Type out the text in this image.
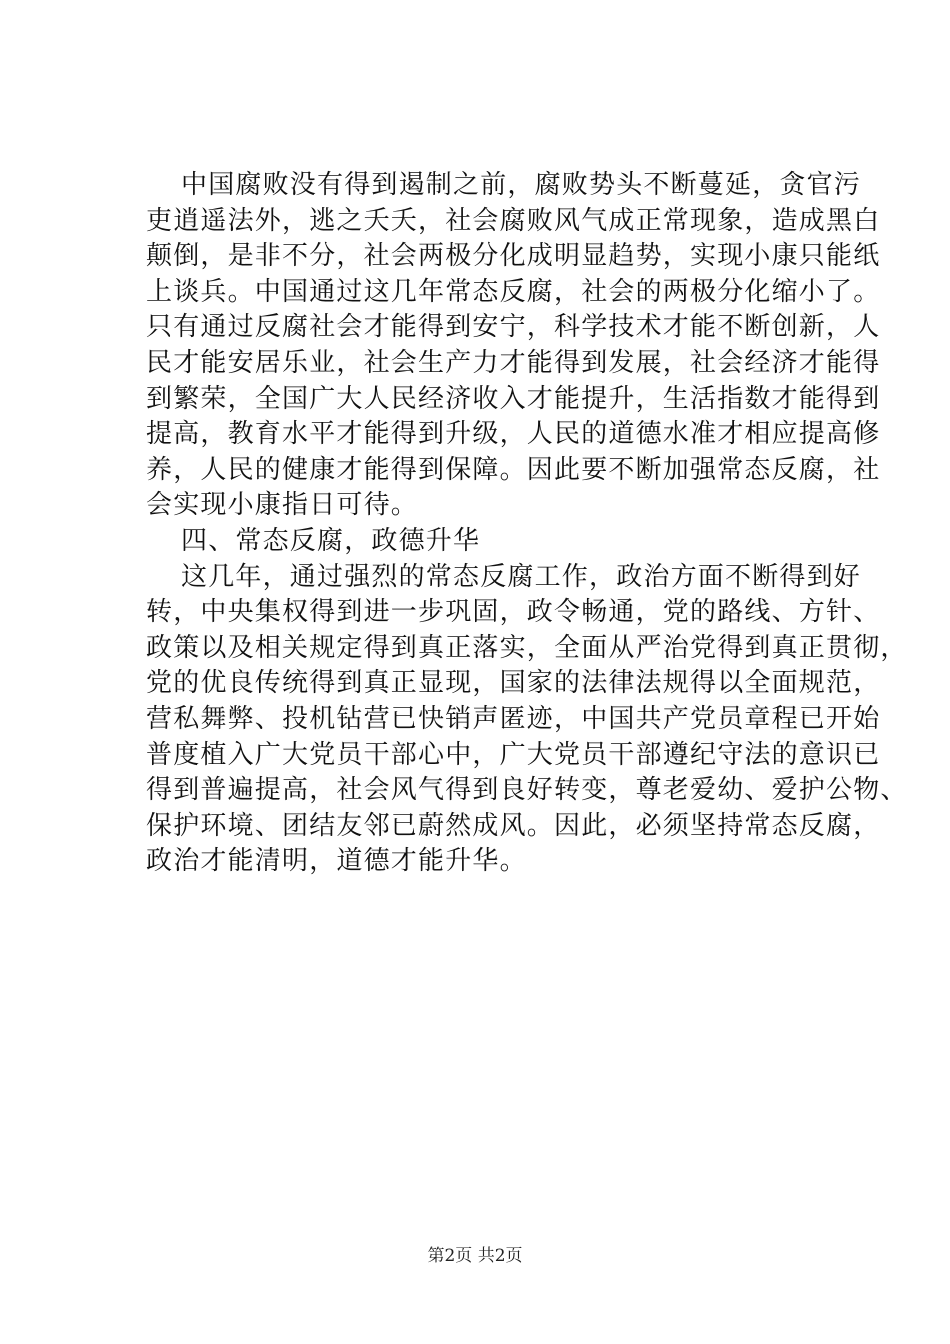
中国腐败没有得到遏制之前，腐败势头不断蔓延，贪官污
吏逍遥法外，逃之夭夭，社会腐败风气成正常现象，造成黑白
颠倒，是非不分，社会两极分化成明显趋势，实现小康只能纸
上谈兵。中国通过这几年常态反腐，社会的两极分化缩小了。
只有通过反腐社会才能得到安宁，科学技术才能不断创新，人
民才能安居乐业，社会生产力才能得到发展，社会经济才能得
到繁荣，全国广大人民经济收入才能提升，生活指数才能得到
提高，教育水平才能得到升级，人民的道德水准才相应提高修
养，人民的健康才能得到保障。因此要不断加强常态反腐，社
会实现小康指日可待。
四、常态反腐，政德升华
这几年，通过强烈的常态反腐工作，政治方面不断得到好
转，中央集权得到进一步巩固，政令畅通，党的路线、方针、
政策以及相关规定得到真正落实，全面从严治党得到真正贯彻，
党的优良传统得到真正显现，国家的法律法规得以全面规范，
营私舞弊、投机钻营已快销声匿迹，中国共产党员章程已开始
普度植入广大党员干部心中，广大党员干部遵纪守法的意识已
得到普遍提高，社会风气得到良好转变，尊老爱幼、爱护公物、
保护环境、团结友邻已蔚然成风。因此，必须坚持常态反腐，
政治才能清明，道德才能升华。
第2页 共2页
